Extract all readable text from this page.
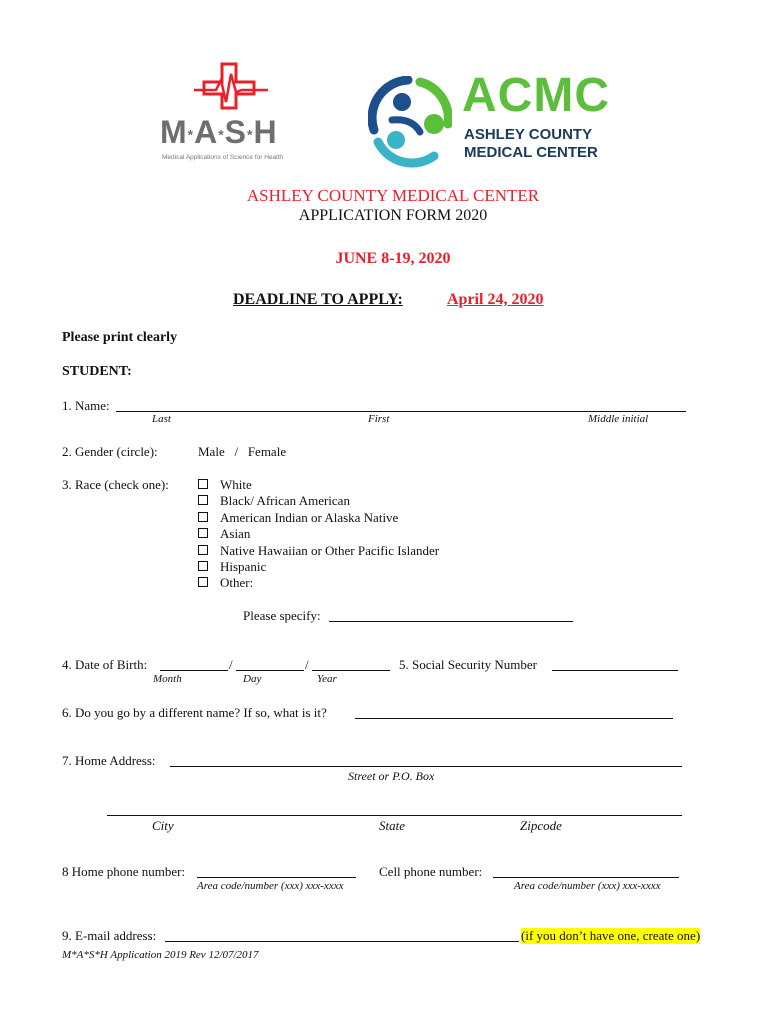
M*A*S*H
Medical Applications of Science for Health
ACMC
ASHLEY COUNTY
MEDICAL CENTER
ASHLEY COUNTY MEDICAL CENTER
APPLICATION FORM 2020
JUNE 8-19, 2020
DEADLINE TO APPLY:	April 24, 2020
Please print clearly
STUDENT:
1. Name:
Last	First	Middle initial
2. Gender (circle):	Male   /   Female
3. Race (check one):	White
Black/ African American
American Indian or Alaska Native
Asian
Native Hawaiian or Other Pacific Islander
Hispanic
Other:
Please specify:
4. Date of Birth:	/	/
Month	Day	Year
5. Social Security Number
6. Do you go by a different name? If so, what is it?
7. Home Address:
Street or P.O. Box
City	State	Zipcode
8 Home phone number:
Area code/number (xxx) xxx-xxxx
Cell phone number:
Area code/number (xxx) xxx-xxxx
9. E-mail address:	(if you don’t have one, create one)
M*A*S*H Application 2019 Rev 12/07/2017
